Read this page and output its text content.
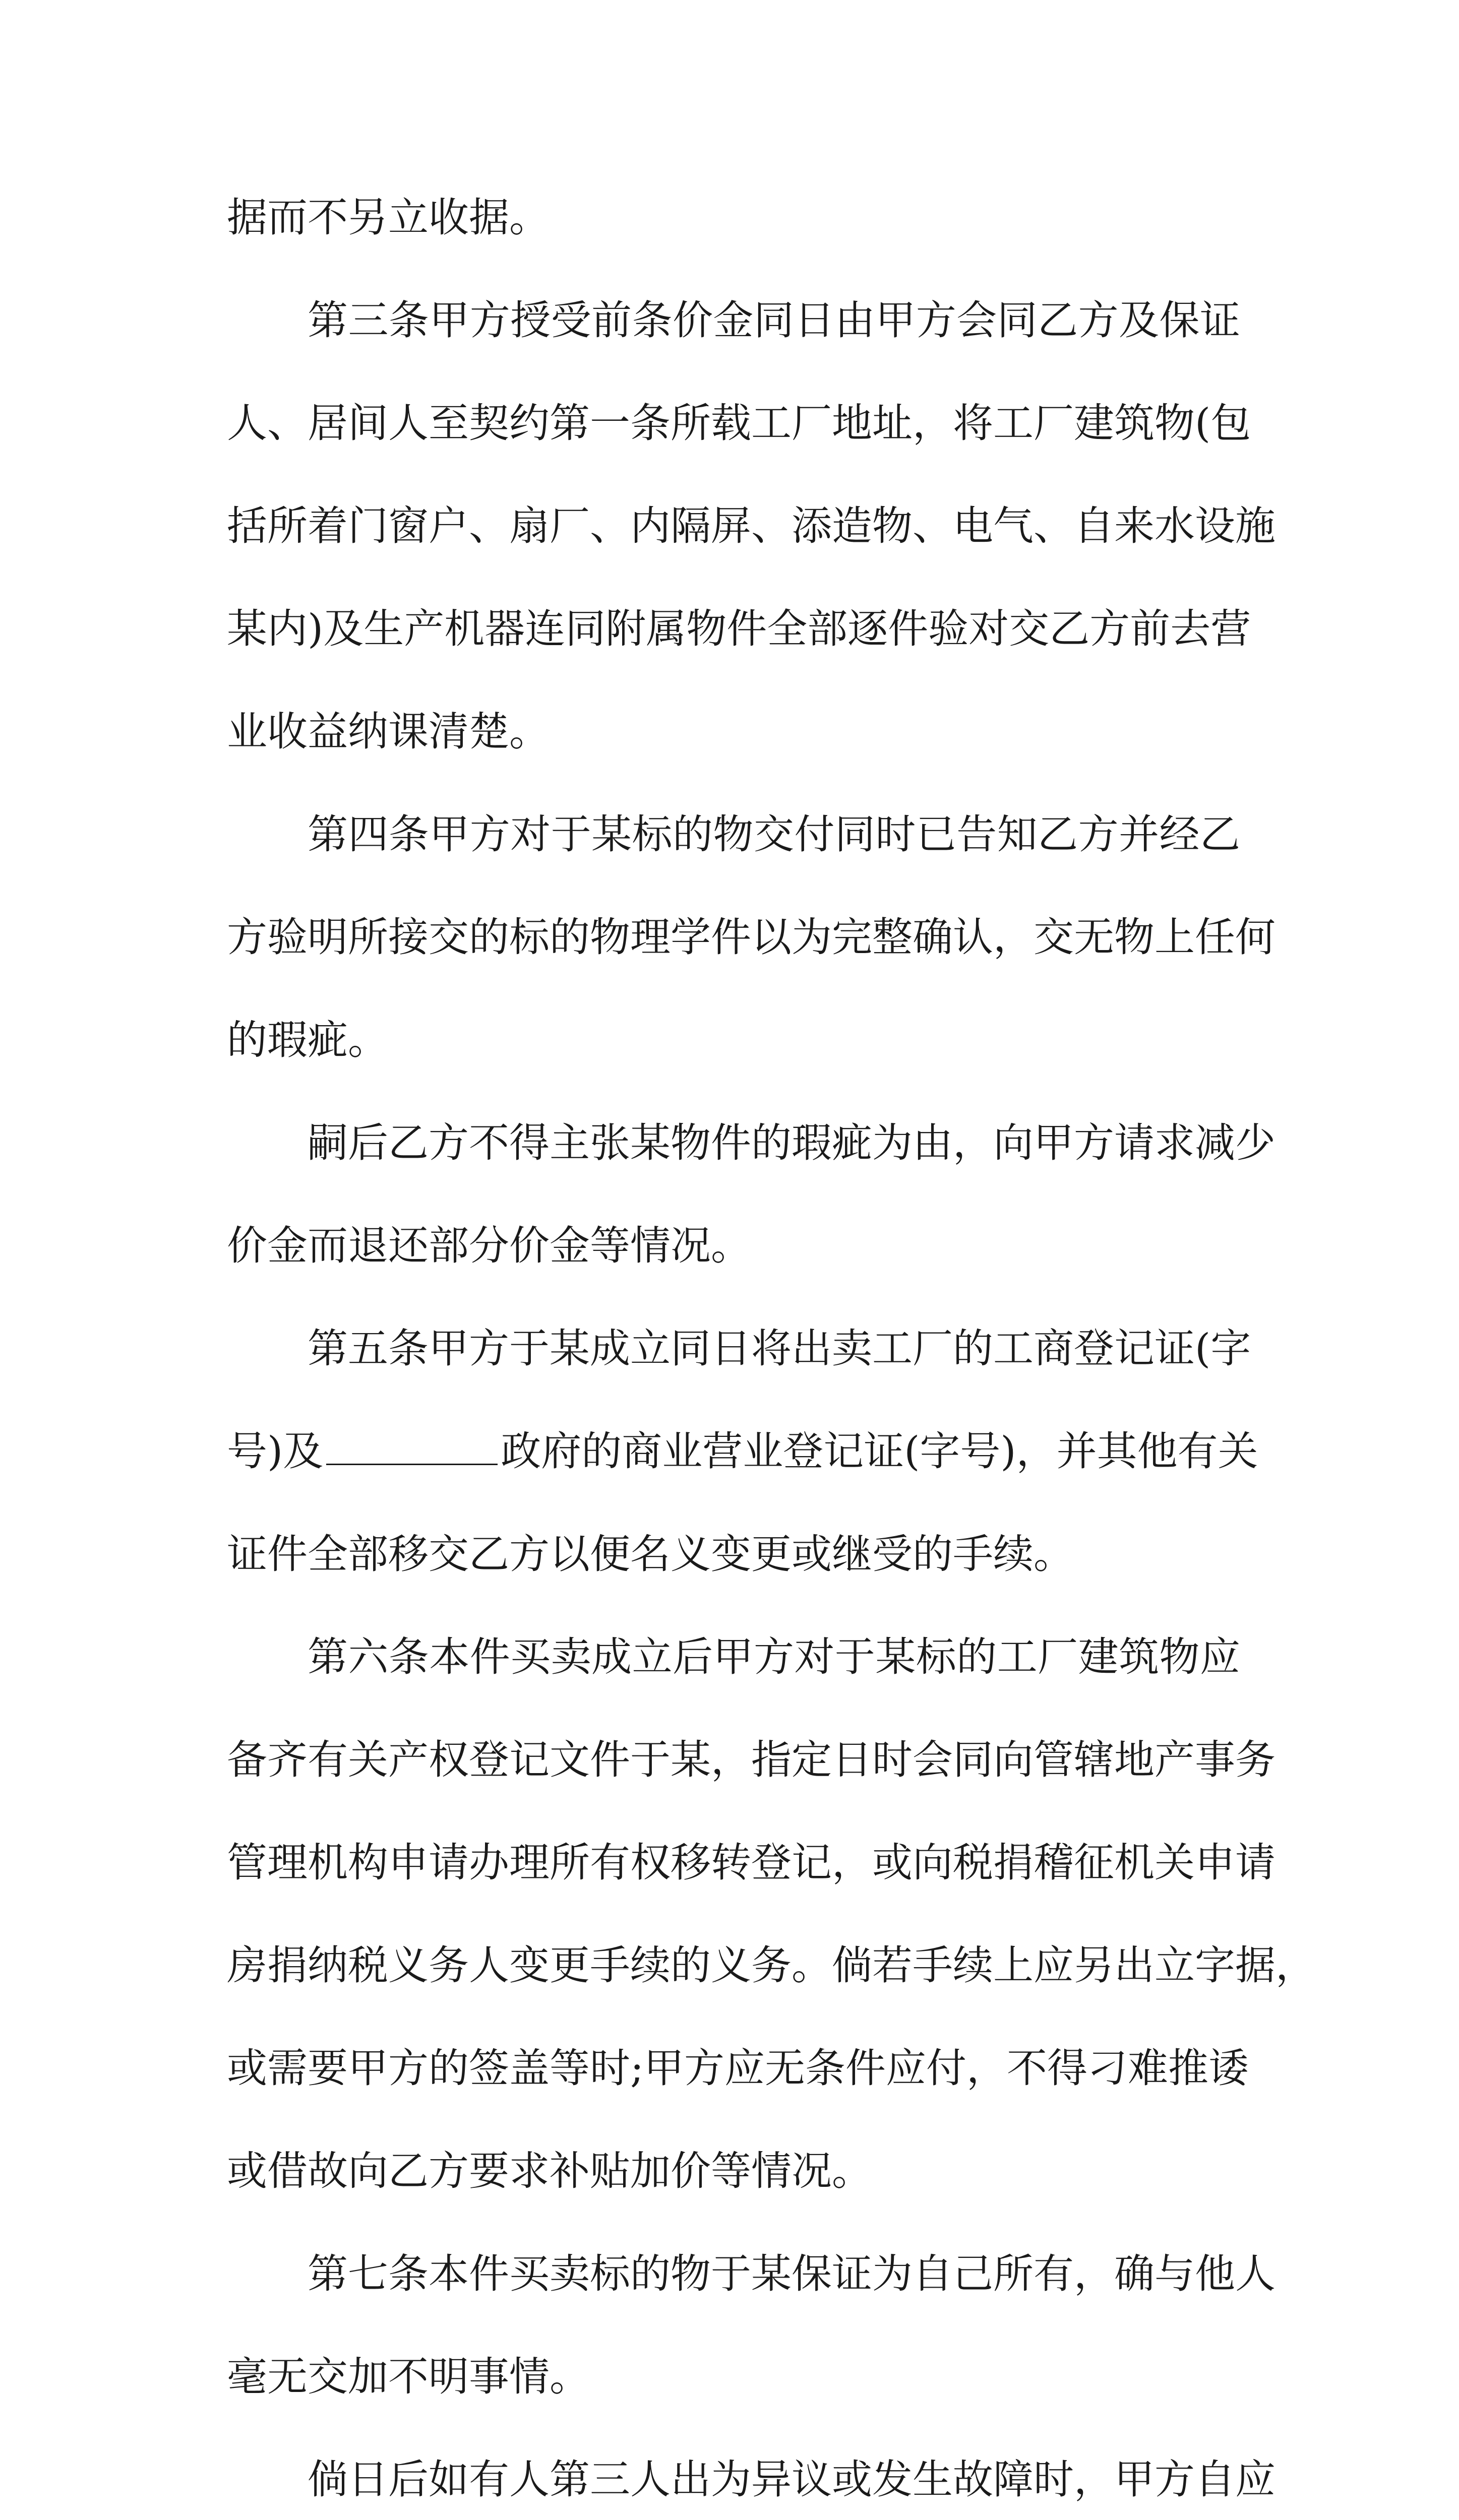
据而不另立收据。
第三条甲方授受前条价金同日由甲方会同乙方及保证
人、居间人至契约第一条所载工厂地址，将工厂建筑物(包
括所着门窗户、扇厂、内隔屏、添造物、电气、自来水设施
某内)及生产机器连同附属物件全部逐件验对交乙方前去营
业收益纳课清楚。
第四条甲方对于某标的物交付同时已告知乙方并经乙
方验明所接交的标的物理学件以为完整确认，交无物上任何
的瑕疵。
嗣后乙方不得主张某物件的瑕疵为由，向甲方请求减少
价金而退还部分价金等情况。
第五条甲方于某成立同日将出卖工厂的工商登记证(字
号)及	政府的商业营业登记证(字号)，并其他有关
证件全部移交乙方以便名义变更或继受的手续。
第六条本件买卖成立后甲方对于某标的工厂建筑物应
备齐有关产权登记文件于某，指定日时会同向管辖地产事务
管理机构申请办理所有权移转登记，或向税捐稽征机关申请
房捐纳税义务人变更手续的义务。倘若手续上应另出立字据，
或需要甲方的签盖等时;甲方应无条件应付，不得刁难推诿
或借故向乙方要求补贴加价等情况。
第七条本件买卖标的物于某保证为自己所有，确与他人
毫无交加不明事情。
倘日后如有人第三人出为异议或发生故障时，甲方自应
